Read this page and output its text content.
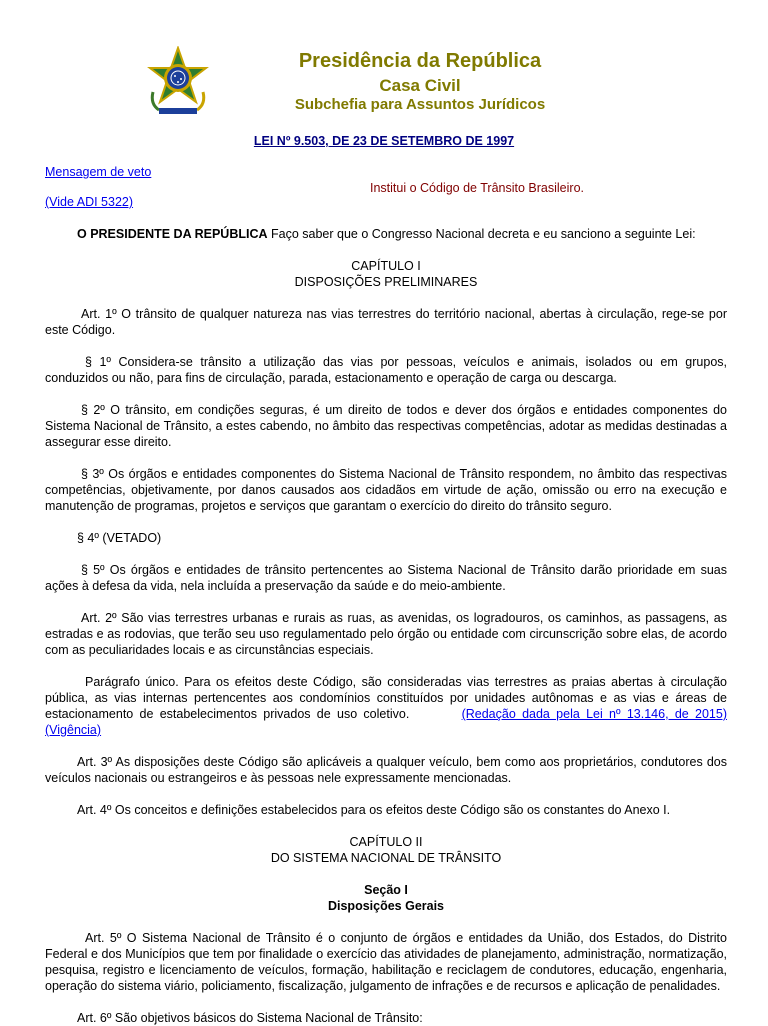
Presidência da República
Casa Civil
Subchefia para Assuntos Jurídicos

LEI Nº 9.503, DE 23 DE SETEMBRO DE 1997

Mensagem de veto
(Vide ADI 5322)
Institui o Código de Trânsito Brasileiro.

O PRESIDENTE DA REPÚBLICA Faço saber que o Congresso Nacional decreta e eu sanciono a seguinte Lei:

CAPÍTULO I

DISPOSIÇÕES PRELIMINARES

Art. 1º O trânsito de qualquer natureza nas vias terrestres do território nacional, abertas à circulação, rege-se por este Código.

§ 1º Considera-se trânsito a utilização das vias por pessoas, veículos e animais, isolados ou em grupos, conduzidos ou não, para fins de circulação, parada, estacionamento e operação de carga ou descarga.

§ 2º O trânsito, em condições seguras, é um direito de todos e dever dos órgãos e entidades componentes do Sistema Nacional de Trânsito, a estes cabendo, no âmbito das respectivas competências, adotar as medidas destinadas a assegurar esse direito.

§ 3º Os órgãos e entidades componentes do Sistema Nacional de Trânsito respondem, no âmbito das respectivas competências, objetivamente, por danos causados aos cidadãos em virtude de ação, omissão ou erro na execução e manutenção de programas, projetos e serviços que garantam o exercício do direito do trânsito seguro.

§ 4º (VETADO)

§ 5º Os órgãos e entidades de trânsito pertencentes ao Sistema Nacional de Trânsito darão prioridade em suas ações à defesa da vida, nela incluída a preservação da saúde e do meio-ambiente.

Art. 2º São vias terrestres urbanas e rurais as ruas, as avenidas, os logradouros, os caminhos, as passagens, as estradas e as rodovias, que terão seu uso regulamentado pelo órgão ou entidade com circunscrição sobre elas, de acordo com as peculiaridades locais e as circunstâncias especiais.

Parágrafo único. Para os efeitos deste Código, são consideradas vias terrestres as praias abertas à circulação pública, as vias internas pertencentes aos condomínios constituídos por unidades autônomas e as vias e áreas de estacionamento de estabelecimentos privados de uso coletivo.	(Redação dada pela Lei nº 13.146, de 2015) (Vigência)

Art. 3º As disposições deste Código são aplicáveis a qualquer veículo, bem como aos proprietários, condutores dos veículos nacionais ou estrangeiros e às pessoas nele expressamente mencionadas.

Art. 4º Os conceitos e definições estabelecidos para os efeitos deste Código são os constantes do Anexo I.

CAPÍTULO II

DO SISTEMA NACIONAL DE TRÂNSITO

Seção I

Disposições Gerais

Art. 5º O Sistema Nacional de Trânsito é o conjunto de órgãos e entidades da União, dos Estados, do Distrito Federal e dos Municípios que tem por finalidade o exercício das atividades de planejamento, administração, normatização, pesquisa, registro e licenciamento de veículos, formação, habilitação e reciclagem de condutores, educação, engenharia, operação do sistema viário, policiamento, fiscalização, julgamento de infrações e de recursos e aplicação de penalidades.

Art. 6º São objetivos básicos do Sistema Nacional de Trânsito:
